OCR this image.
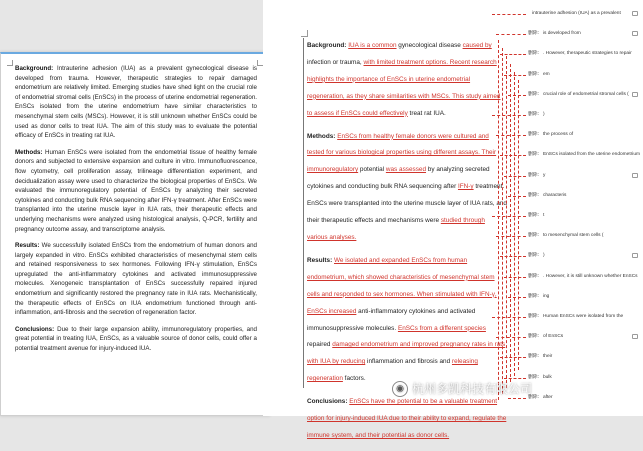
Background: Intrauterine adhesion (IUA) as a prevalent gynecological disease is developed from trauma. However, therapeutic strategies to repair damaged endometrium are relatively limited. Emerging studies have shed light on the crucial role of endometrial stromal cells (EnSCs) in the process of uterine endometrial regeneration. EnSCs isolated from the uterine endometrium have similar characteristics to mesenchymal stem cells (MSCs). However, it is still unknown whether EnSCs could be used as donor cells to treat IUA. The aim of this study was to evaluate the potential efficacy of EnSCs in treating rat IUA.

Methods: Human EnSCs were isolated from the endometrial tissue of healthy female donors and subjected to extensive expansion and culture in vitro. Immunofluorescence, flow cytometry, cell proliferation assay, trilineage differentiation experiment, and decidualization assay were used to characterize the biological properties of EnSCs. We evaluated the immunoregulatory potential of EnSCs by analyzing their secreted cytokines and conducting bulk RNA sequencing after IFN-γ treatment. After EnSCs were transplanted into the uterine muscle layer in IUA rats, their therapeutic effects and underlying mechanisms were analyzed using histological analysis, Q-PCR, fertility and pregnancy outcome assay, and transcriptome analysis.

Results: We successfully isolated EnSCs from the endometrium of human donors and largely expanded in vitro. EnSCs exhibited characteristics of mesenchymal stem cells and retained responsiveness to sex hormones. Following IFN-γ stimulation, EnSCs upregulated the anti-inflammatory cytokines and activated immunosuppressive molecules. Xenogeneic transplantation of EnSCs successfully repaired injured endometrium and significantly restored the pregnancy rate in IUA rats. Mechanistically, the therapeutic effects of EnSCs on IUA endometrium functioned through anti-inflammation, anti-fibrosis and the secretion of regeneration factor.

Conclusions: Due to their large expansion ability, immunoregulatory properties, and great potential in treating IUA, EnSCs, as a valuable source of donor cells, could offer a potential treatment avenue for injury-induced IUA.

Background: IUA is a common gynecological disease caused by infection or trauma, with limited treatment options. Recent research highlights the importance of EnSCs in uterine endometrial regeneration, as they share similarities with MSCs. This study aimed to assess if EnSCs could effectively treat rat IUA.

Methods: EnSCs from healthy female donors were cultured and tested for various biological properties using different assays. Their immunoregulatory potential was assessed by analyzing secreted cytokines and conducting bulk RNA sequencing after IFN-γ treatment. EnSCs were transplanted into the uterine muscle layer of IUA rats, and their therapeutic effects and mechanisms were studied through various analyses.

Results: We isolated and expanded EnSCs from human endometrium, which showed characteristics of mesenchymal stem cells and responded to sex hormones. When stimulated with IFN-γ, EnSCs increased anti-inflammatory cytokines and activated immunosuppressive molecules. EnSCs from a different species repaired damaged endometrium and improved pregnancy rates in rats with IUA by reducing inflammation and fibrosis and releasing regeneration factors.

Conclusions: EnSCs have the potential to be a valuable treatment option for injury-induced IUA due to their ability to expand, regulate the immune system, and their potential as donor cells.

intrauterine adhesion (IUA) as a prevalent
删除: is developed from
删除: . However, therapeutic strategies to repair
删除: em
删除: crucial role of endometrial stromal cells (
删除: )
删除: the process of
删除: EnSCs isolated from the uterine endometrium
删除: y
删除: characteris
删除: t
删除: to mesenchymal stem cells (
删除: )
删除: . However, it is still unknown whether EnSCs
删除: ing
删除: Human EnSCs were isolated from the
删除: of EnSCs
删除: their
删除: bulk
删除: after
◉ 杭州多凯科技有限公司
